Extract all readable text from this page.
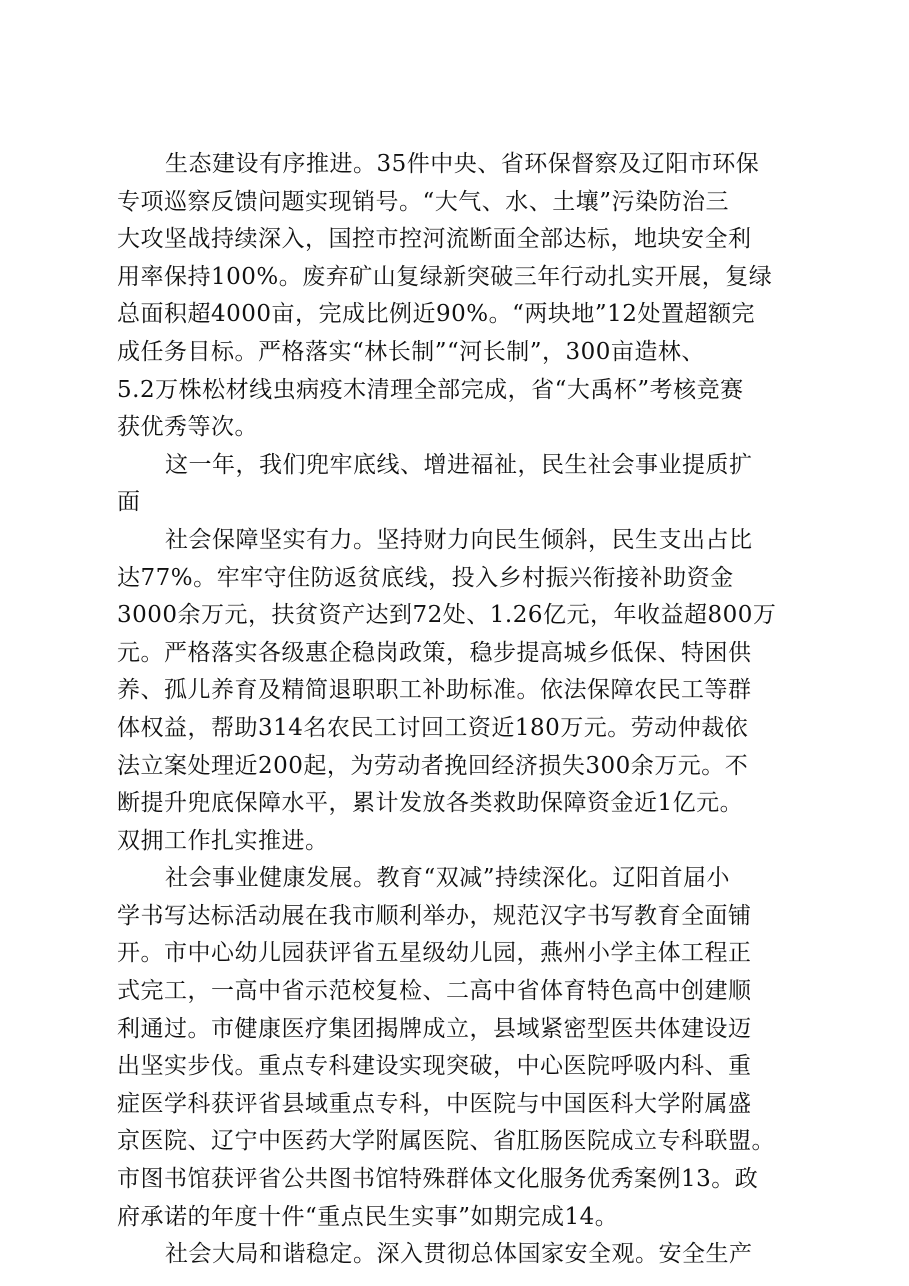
生态建设有序推进。35件中央、省环保督察及辽阳市环保
专项巡察反馈问题实现销号。“大气、水、土壤”污染防治三
大攻坚战持续深入，国控市控河流断面全部达标，地块安全利
用率保持100%。废弃矿山复绿新突破三年行动扎实开展，复绿
总面积超4000亩，完成比例近90%。“两块地”12处置超额完
成任务目标。严格落实“林长制”“河长制”，300亩造林、
5.2万株松材线虫病疫木清理全部完成，省“大禹杯”考核竞赛
获优秀等次。
这一年，我们兜牢底线、增进福祉，民生社会事业提质扩
面
社会保障坚实有力。坚持财力向民生倾斜，民生支出占比
达77%。牢牢守住防返贫底线，投入乡村振兴衔接补助资金
3000余万元，扶贫资产达到72处、1.26亿元，年收益超800万
元。严格落实各级惠企稳岗政策，稳步提高城乡低保、特困供
养、孤儿养育及精简退职职工补助标准。依法保障农民工等群
体权益，帮助314名农民工讨回工资近180万元。劳动仲裁依
法立案处理近200起，为劳动者挽回经济损失300余万元。不
断提升兜底保障水平，累计发放各类救助保障资金近1亿元。
双拥工作扎实推进。
社会事业健康发展。教育“双减”持续深化。辽阳首届小
学书写达标活动展在我市顺利举办，规范汉字书写教育全面铺
开。市中心幼儿园获评省五星级幼儿园，燕州小学主体工程正
式完工，一高中省示范校复检、二高中省体育特色高中创建顺
利通过。市健康医疗集团揭牌成立，县域紧密型医共体建设迈
出坚实步伐。重点专科建设实现突破，中心医院呼吸内科、重
症医学科获评省县域重点专科，中医院与中国医科大学附属盛
京医院、辽宁中医药大学附属医院、省肛肠医院成立专科联盟。
市图书馆获评省公共图书馆特殊群体文化服务优秀案例13。政
府承诺的年度十件“重点民生实事”如期完成14。
社会大局和谐稳定。深入贯彻总体国家安全观。安全生产
